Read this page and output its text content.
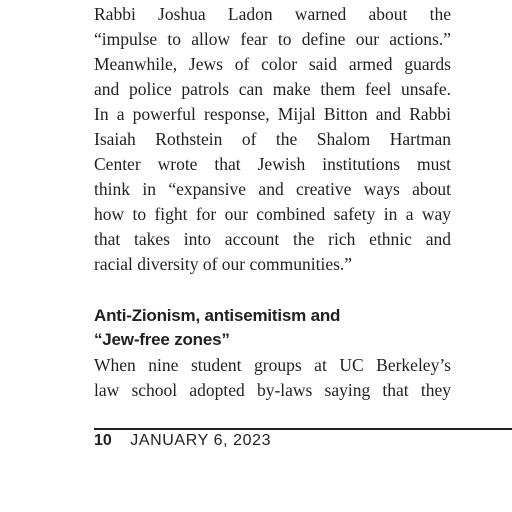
Rabbi Joshua Ladon warned about the
“impulse to allow fear to define our actions.”
Meanwhile, Jews of color said armed guards
and police patrols can make them feel unsafe.
In a powerful response, Mijal Bitton and Rabbi
Isaiah Rothstein of the Shalom Hartman
Center wrote that Jewish institutions must
think in “expansive and creative ways about
how to fight for our combined safety in a way
that takes into account the rich ethnic and
racial diversity of our communities.”
Anti-Zionism, antisemitism and
“Jew-free zones”
When nine student groups at UC Berkeley’s
law school adopted by-laws saying that they
10 JANUARY 6, 2023
